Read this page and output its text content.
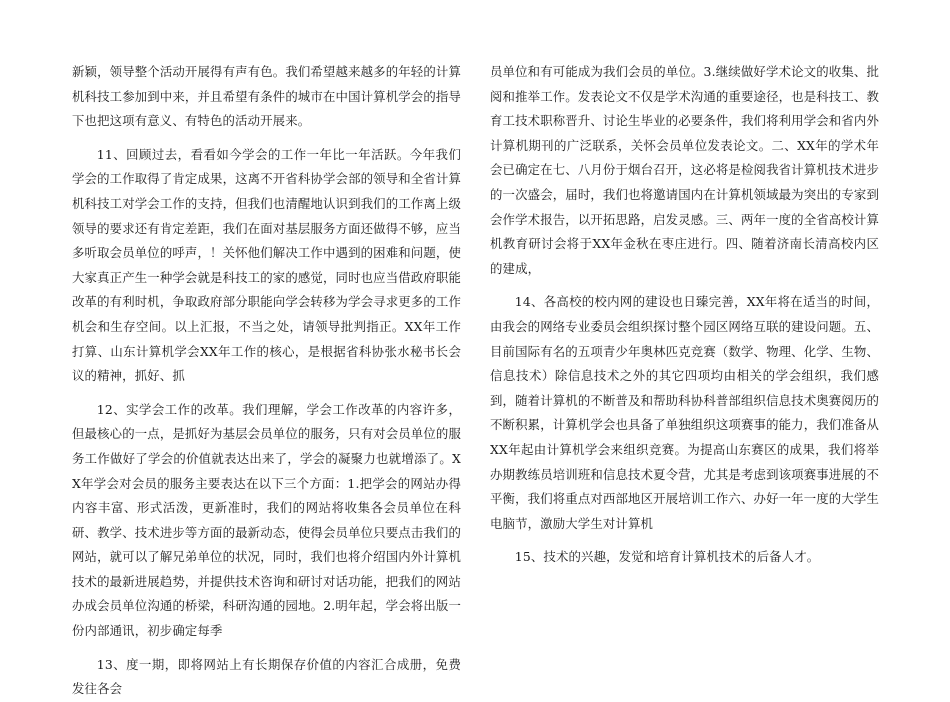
新颖，领导整个活动开展得有声有色。我们希望越来越多的年轻的计算机科技工参加到中来，并且希望有条件的城市在中国计算机学会的指导下也把这项有意义、有特色的活动开展来。

11、回顾过去，看看如今学会的工作一年比一年活跃。今年我们学会的工作取得了肯定成果，这离不开省科协学会部的领导和全省计算机科技工对学会工作的支持，但我们也清醒地认识到我们的工作离上级领导的要求还有肯定差距，我们在面对基层服务方面还做得不够，应当多听取会员单位的呼声，！关怀他们解决工作中遇到的困难和问题，使大家真正产生一种学会就是科技工的家的感觉，同时也应当借政府职能改革的有利时机，争取政府部分职能向学会转移为学会寻求更多的工作机会和生存空间。以上汇报，不当之处，请领导批判指正。XX年工作打算、山东计算机学会XX年工作的核心，是根据省科协张水秘书长会议的精神，抓好、抓

12、实学会工作的改革。我们理解，学会工作改革的内容许多，但最核心的一点，是抓好为基层会员单位的服务，只有对会员单位的服务工作做好了学会的价值就表达出来了，学会的凝聚力也就增添了。XX年学会对会员的服务主要表达在以下三个方面：1.把学会的网站办得内容丰富、形式活泼，更新准时，我们的网站将收集各会员单位在科研、教学、技术进步等方面的最新动态，使得会员单位只要点击我们的网站，就可以了解兄弟单位的状况，同时，我们也将介绍国内外计算机技术的最新进展趋势，并提供技术咨询和研讨对话功能，把我们的网站办成会员单位沟通的桥梁，科研沟通的园地。2.明年起，学会将出版一份内部通讯，初步确定每季

13、度一期，即将网站上有长期保存价值的内容汇合成册，免费发往各会

员单位和有可能成为我们会员的单位。3.继续做好学术论文的收集、批阅和推举工作。发表论文不仅是学术沟通的重要途径，也是科技工、教育工技术职称晋升、讨论生毕业的必要条件，我们将利用学会和省内外计算机期刊的广泛联系，关怀会员单位发表论文。二、XX年的学术年会已确定在七、八月份于烟台召开，这必将是检阅我省计算机技术进步的一次盛会，届时，我们也将邀请国内在计算机领域最为突出的专家到会作学术报告，以开拓思路，启发灵感。三、两年一度的全省高校计算机教育研讨会将于XX年金秋在枣庄进行。四、随着济南长清高校内区的建成，

14、各高校的校内网的建设也日臻完善，XX年将在适当的时间，由我会的网络专业委员会组织探讨整个园区网络互联的建设问题。五、目前国际有名的五项青少年奥林匹克竞赛（数学、物理、化学、生物、信息技术）除信息技术之外的其它四项均由相关的学会组织，我们感到，随着计算机的不断普及和帮助科协科普部组织信息技术奥赛阅历的不断积累，计算机学会也具备了单独组织这项赛事的能力，我们准备从XX年起由计算机学会来组织竞赛。为提高山东赛区的成果，我们将举办期教练员培训班和信息技术夏令营，尤其是考虑到该项赛事进展的不平衡，我们将重点对西部地区开展培训工作六、办好一年一度的大学生电脑节，激励大学生对计算机

15、技术的兴趣，发觉和培育计算机技术的后备人才。
